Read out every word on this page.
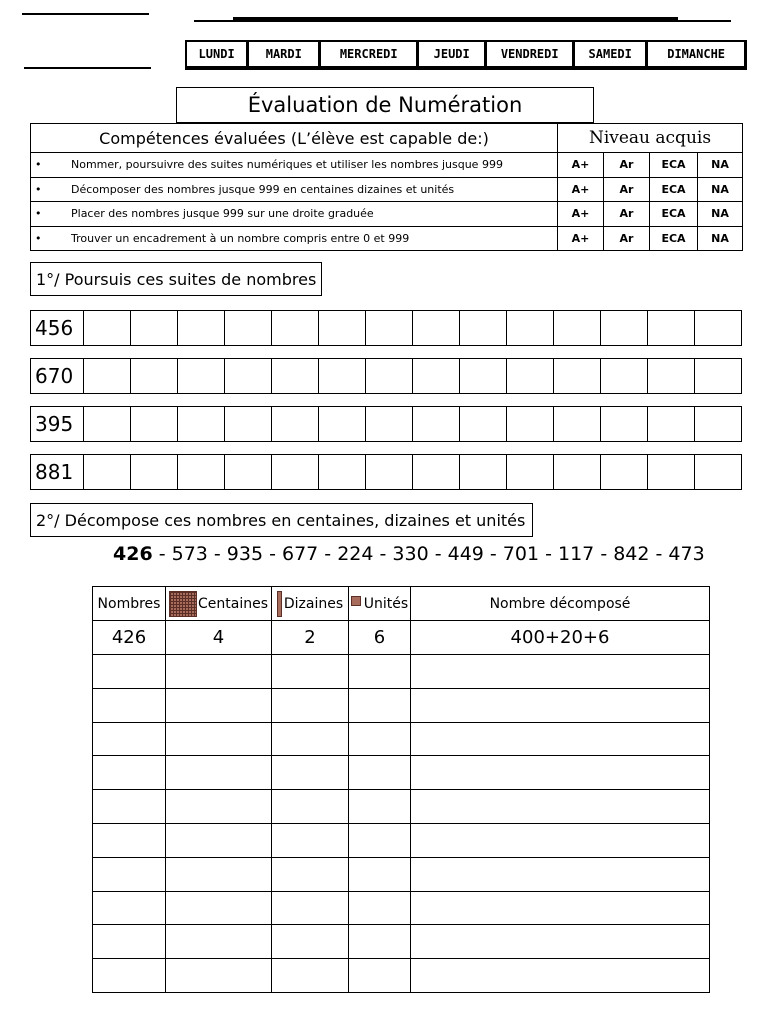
LUNDI	MARDI	MERCREDI	JEUDI	VENDREDI	SAMEDI	DIMANCHE
Évaluation de Numération
Compétences évaluées (L’élève est capable de:)	Niveau acquis			
• Nommer, poursuivre des suites numériques et utiliser les nombres jusque 999	A+	Ar	ECA	NA
• Décomposer des nombres jusque 999 en centaines dizaines et unités	A+	Ar	ECA	NA
• Placer des nombres jusque 999 sur une droite graduée	A+	Ar	ECA	NA
• Trouver un encadrement à un nombre compris entre 0 et 999	A+	Ar	ECA	NA
1°/ Poursuis ces suites de nombres
456
670
395
881
2°/ Décompose ces nombres en centaines, dizaines et unités
426 - 573 - 935 - 677 - 224 - 330 - 449 - 701 - 117 - 842 - 473
Nombres	Centaines	Dizaines	Unités	Nombre décomposé
426	4	2	6	400+20+6
